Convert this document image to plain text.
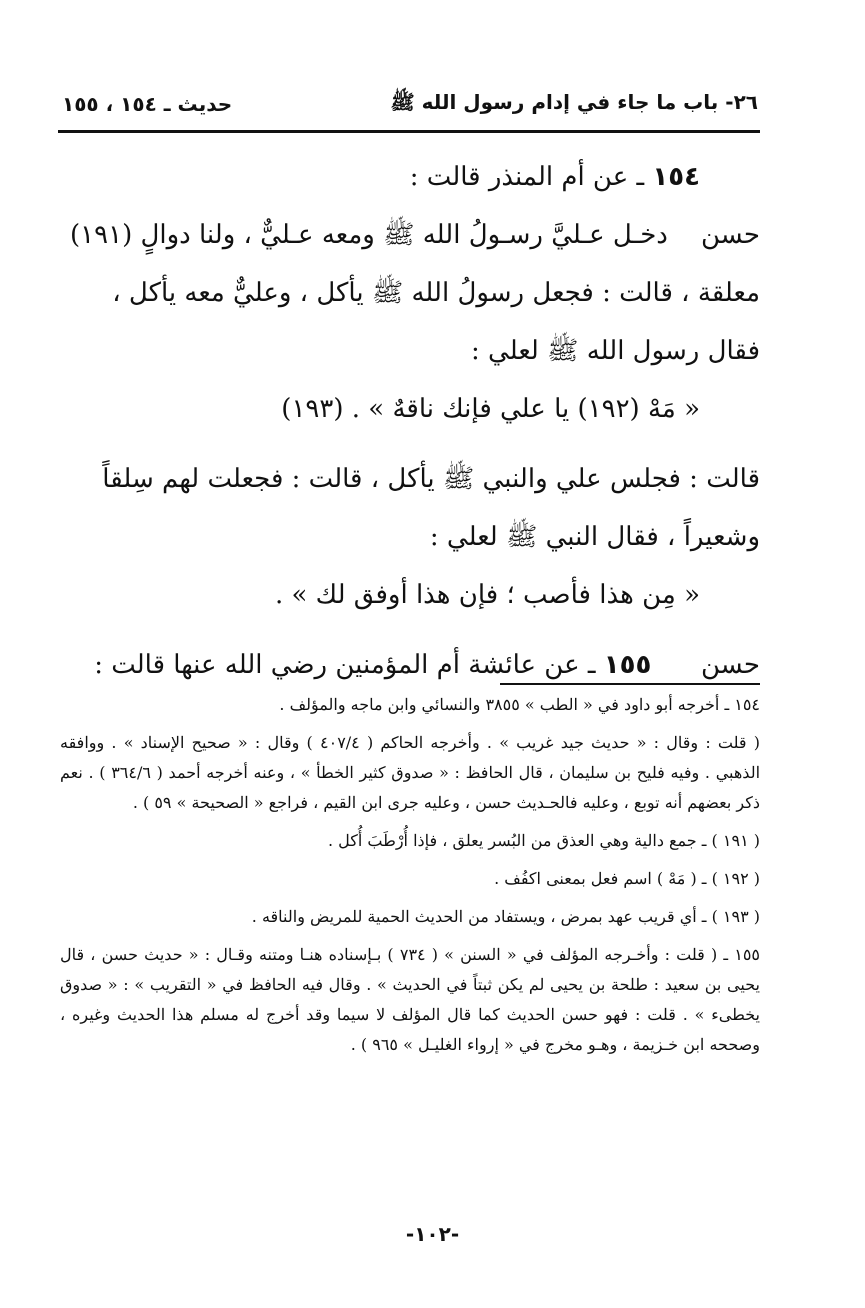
حديث ـ ١٥٤ ، ١٥٥	٢٦- باب ما جاء في إدام رسول الله ﷺ

١٥٤ ـ عن أم المنذر قالت :

حسن    دخـل عـليَّ رسـولُ الله ﷺ ومعه عـليٌّ ، ولنا دوالٍ (١٩١) معلقة ، قالت : فجعل رسولُ الله ﷺ يأكل ، وعليٌّ معه يأكل ، فقال رسول الله ﷺ لعلي :

« مَهْ (١٩٢) يا علي فإنك ناقهٌ » . (١٩٣)

قالت : فجلس علي والنبي ﷺ يأكل ، قالت : فجعلت لهم سِلقاً وشعيراً ، فقال النبي ﷺ لعلي :

« مِن هذا فأصب ؛ فإن هذا أوفق لك » .

حسن      ١٥٥ ـ عن عائشة أم المؤمنين رضي الله عنها قالت :

١٥٤ ـ أخرجه أبو داود في « الطب » ٣٨٥٥ والنسائي وابن ماجه والمؤلف .

( قلت : وقال : « حديث جيد غريب » . وأخرجه الحاكم ( ٤٠٧/٤ ) وقال : « صحيح الإسناد » . ووافقه الذهبي . وفيه فليح بن سليمان ، قال الحافظ : « صدوق كثير الخطأ » ، وعنه أخرجه أحمد ( ٣٦٤/٦ ) . نعم ذكر بعضهم أنه توبع ، وعليه فالحـديث حسن ، وعليه جرى ابن القيم ، فراجع « الصحيحة » ٥٩ ) .

( ١٩١ ) ـ جمع دالية وهي العذق من البُسر يعلق ، فإذا أُرْطَبَ أُكل .

( ١٩٢ ) ـ ( مَهْ ) اسم فعل بمعنى اكفُف .

( ١٩٣ ) ـ أي قريب عهد بمرض ، ويستفاد من الحديث الحمية للمريض والناقه .

١٥٥ ـ ( قلت : وأخـرجه المؤلف في « السنن » ( ٧٣٤ ) بـإسناده هنـا ومتنه وقـال : « حديث حسن ، قال يحيى بن سعيد : طلحة بن يحيى لم يكن ثبتاً في الحديث » . وقال فيه الحافظ في « التقريب » : « صدوق يخطىء » . قلت : فهو حسن الحديث كما قال المؤلف لا سيما وقد أخرج له مسلم هذا الحديث وغيره ، وصححه ابن خـزيمة ، وهـو مخرج في « إرواء الغليـل » ٩٦٥ ) .

-١٠٢-
